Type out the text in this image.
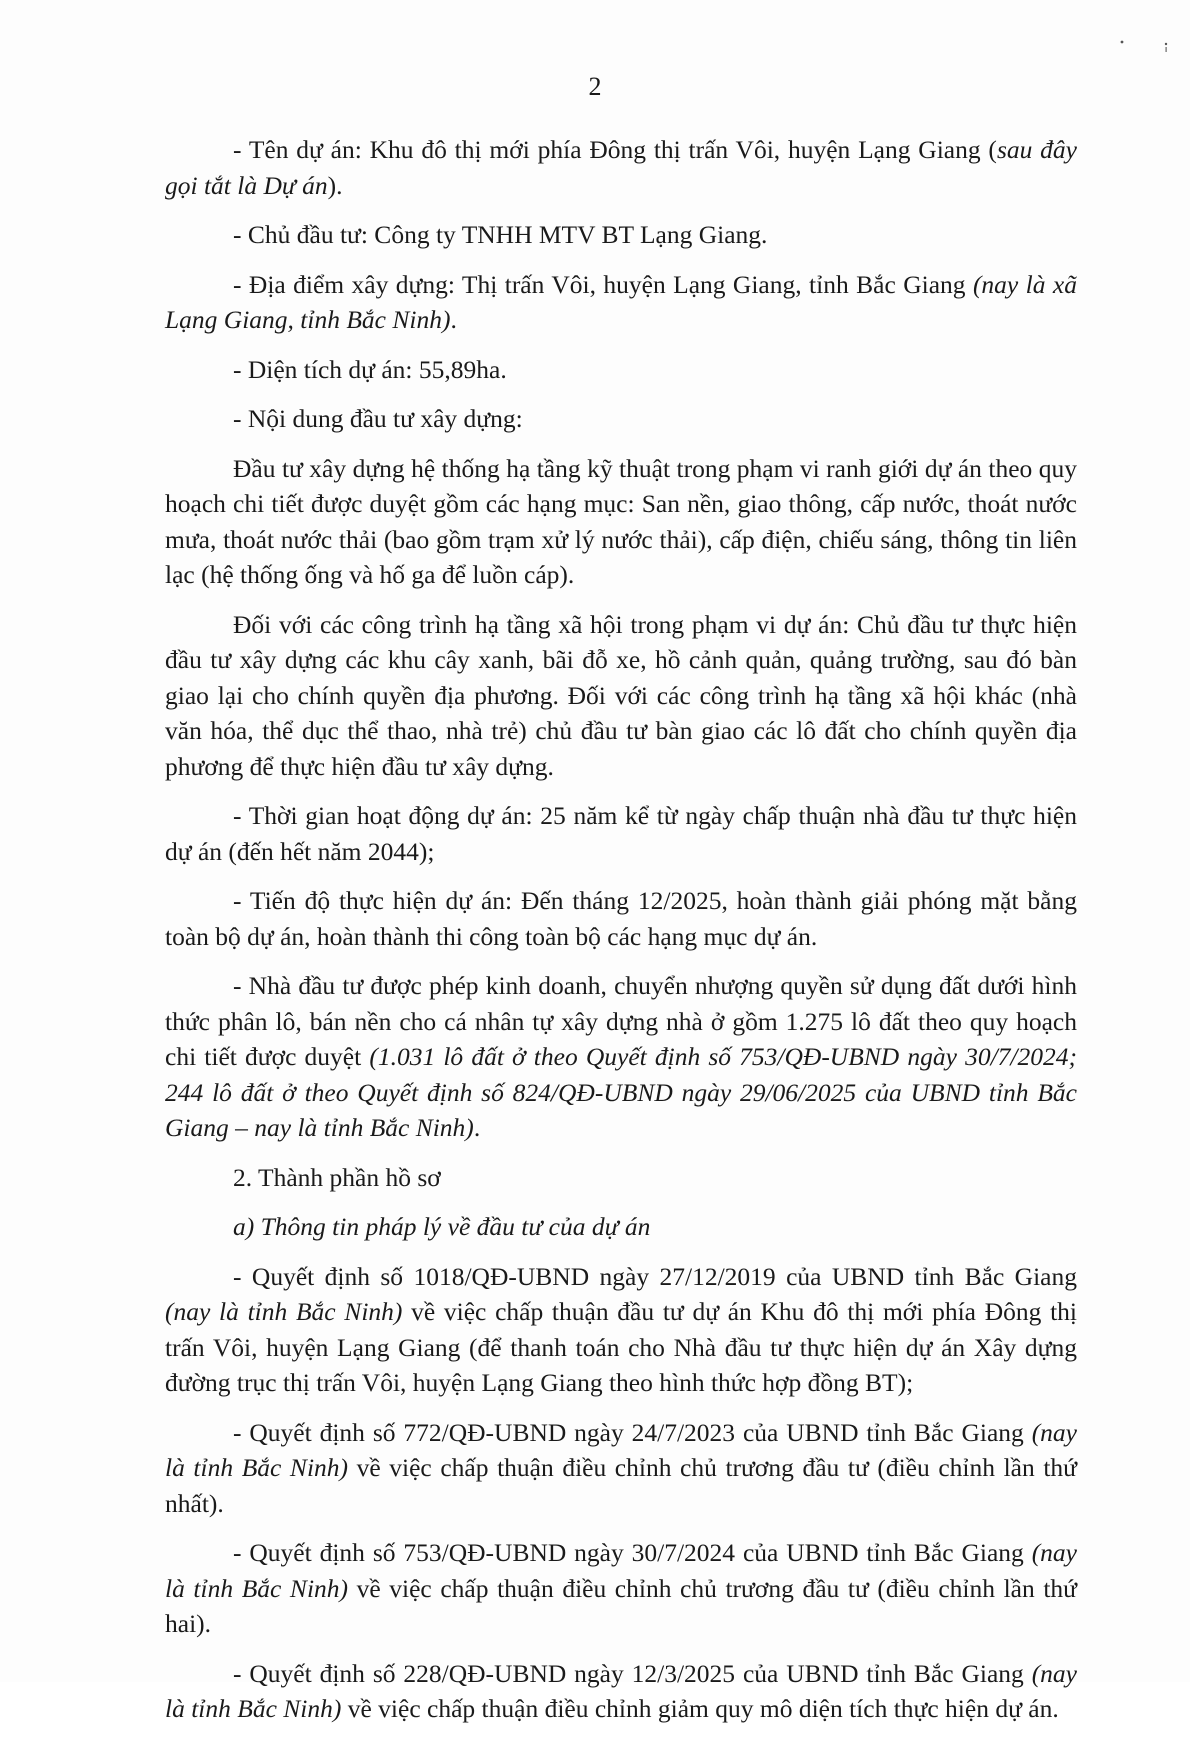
2

- Tên dự án: Khu đô thị mới phía Đông thị trấn Vôi, huyện Lạng Giang (sau đây gọi tắt là Dự án).

- Chủ đầu tư: Công ty TNHH MTV BT Lạng Giang.

- Địa điểm xây dựng: Thị trấn Vôi, huyện Lạng Giang, tỉnh Bắc Giang (nay là xã Lạng Giang, tỉnh Bắc Ninh).

- Diện tích dự án: 55,89ha.

- Nội dung đầu tư xây dựng:

Đầu tư xây dựng hệ thống hạ tầng kỹ thuật trong phạm vi ranh giới dự án theo quy hoạch chi tiết được duyệt gồm các hạng mục: San nền, giao thông, cấp nước, thoát nước mưa, thoát nước thải (bao gồm trạm xử lý nước thải), cấp điện, chiếu sáng, thông tin liên lạc (hệ thống ống và hố ga để luồn cáp).

Đối với các công trình hạ tầng xã hội trong phạm vi dự án: Chủ đầu tư thực hiện đầu tư xây dựng các khu cây xanh, bãi đỗ xe, hồ cảnh quản, quảng trường, sau đó bàn giao lại cho chính quyền địa phương. Đối với các công trình hạ tầng xã hội khác (nhà văn hóa, thể dục thể thao, nhà trẻ) chủ đầu tư bàn giao các lô đất cho chính quyền địa phương để thực hiện đầu tư xây dựng.

- Thời gian hoạt động dự án: 25 năm kể từ ngày chấp thuận nhà đầu tư thực hiện dự án (đến hết năm 2044);

- Tiến độ thực hiện dự án: Đến tháng 12/2025, hoàn thành giải phóng mặt bằng toàn bộ dự án, hoàn thành thi công toàn bộ các hạng mục dự án.

- Nhà đầu tư được phép kinh doanh, chuyển nhượng quyền sử dụng đất dưới hình thức phân lô, bán nền cho cá nhân tự xây dựng nhà ở gồm 1.275 lô đất theo quy hoạch chi tiết được duyệt (1.031 lô đất ở theo Quyết định số 753/QĐ-UBND ngày 30/7/2024; 244 lô đất ở theo Quyết định số 824/QĐ-UBND ngày 29/06/2025 của UBND tỉnh Bắc Giang – nay là tỉnh Bắc Ninh).

2. Thành phần hồ sơ

a) Thông tin pháp lý về đầu tư của dự án

- Quyết định số 1018/QĐ-UBND ngày 27/12/2019 của UBND tỉnh Bắc Giang (nay là tỉnh Bắc Ninh) về việc chấp thuận đầu tư dự án Khu đô thị mới phía Đông thị trấn Vôi, huyện Lạng Giang (để thanh toán cho Nhà đầu tư thực hiện dự án Xây dựng đường trục thị trấn Vôi, huyện Lạng Giang theo hình thức hợp đồng BT);

- Quyết định số 772/QĐ-UBND ngày 24/7/2023 của UBND tỉnh Bắc Giang (nay là tỉnh Bắc Ninh) về việc chấp thuận điều chỉnh chủ trương đầu tư (điều chỉnh lần thứ nhất).

- Quyết định số 753/QĐ-UBND ngày 30/7/2024 của UBND tỉnh Bắc Giang (nay là tỉnh Bắc Ninh) về việc chấp thuận điều chỉnh chủ trương đầu tư (điều chỉnh lần thứ hai).

- Quyết định số 228/QĐ-UBND ngày 12/3/2025 của UBND tỉnh Bắc Giang (nay là tỉnh Bắc Ninh) về việc chấp thuận điều chỉnh giảm quy mô diện tích thực hiện dự án.
